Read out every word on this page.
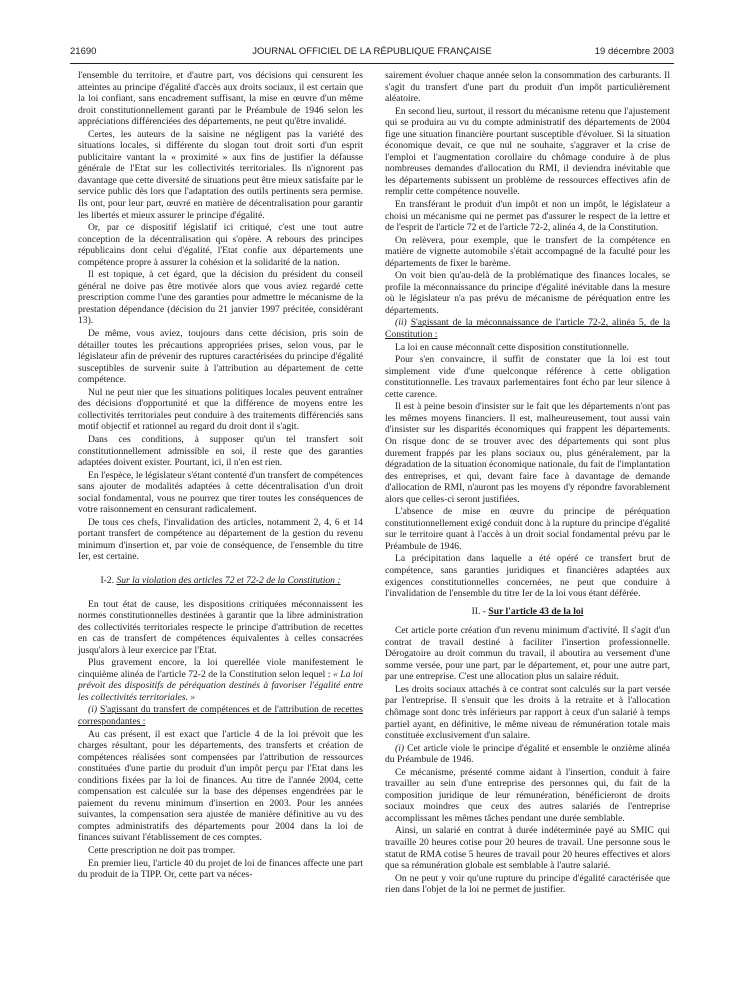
21690	JOURNAL OFFICIEL DE LA RÉPUBLIQUE FRANÇAISE	19 décembre 2003

l'ensemble du territoire, et d'autre part, vos décisions qui censurent les atteintes au principe d'égalité d'accès aux droits sociaux, il est certain que la loi confiant, sans encadrement suffisant, la mise en œuvre d'un même droit constitutionnellement garanti par le Préambule de 1946 selon les appréciations différenciées des départements, ne peut qu'être invalidé.

Certes, les auteurs de la saisine ne négligent pas la variété des situations locales, si différente du slogan tout droit sorti d'un esprit publicitaire vantant la « proximité » aux fins de justifier la défausse générale de l'Etat sur les collectivités territoriales. Ils n'ignorent pas davantage que cette diversité de situations peut être mieux satisfaite par le service public dès lors que l'adaptation des outils pertinents sera permise. Ils ont, pour leur part, œuvré en matière de décentralisation pour garantir les libertés et mieux assurer le principe d'égalité.

Or, par ce dispositif législatif ici critiqué, c'est une tout autre conception de la décentralisation qui s'opère. A rebours des principes républicains dont celui d'égalité, l'Etat confie aux départements une compétence propre à assurer la cohésion et la solidarité de la nation.

Il est topique, à cet égard, que la décision du président du conseil général ne doive pas être motivée alors que vous aviez regardé cette prescription comme l'une des garanties pour admettre le mécanisme de la prestation dépendance (décision du 21 janvier 1997 précitée, considérant 13).

De même, vous aviez, toujours dans cette décision, pris soin de détailler toutes les précautions appropriées prises, selon vous, par le législateur afin de prévenir des ruptures caractérisées du principe d'égalité susceptibles de survenir suite à l'attribution au département de cette compétence.

Nul ne peut nier que les situations politiques locales peuvent entraîner des décisions d'opportunité et que la différence de moyens entre les collectivités territoriales peut conduire à des traitements différenciés sans motif objectif et rationnel au regard du droit dont il s'agit.

Dans ces conditions, à supposer qu'un tel transfert soit constitutionnellement admissible en soi, il reste que des garanties adaptées doivent exister. Pourtant, ici, il n'en est rien.

En l'espèce, le législateur s'étant contenté d'un transfert de compétences sans ajouter de modalités adaptées à cette décentralisation d'un droit social fondamental, vous ne pourrez que tirer toutes les conséquences de votre raisonnement en censurant radicalement.

De tous ces chefs, l'invalidation des articles, notamment 2, 4, 6 et 14 portant transfert de compétence au département de la gestion du revenu minimum d'insertion et, par voie de conséquence, de l'ensemble du titre Ier, est certaine.

I-2. Sur la violation des articles 72 et 72-2 de la Constitution :

En tout état de cause, les dispositions critiquées méconnaissent les normes constitutionnelles destinées à garantir que la libre administration des collectivités territoriales respecte le principe d'attribution de recettes en cas de transfert de compétences équivalentes à celles consacrées jusqu'alors à leur exercice par l'Etat.

Plus gravement encore, la loi querellée viole manifestement le cinquième alinéa de l'article 72-2 de la Constitution selon lequel : « La loi prévoit des dispositifs de péréquation destinés à favoriser l'égalité entre les collectivités territoriales. »

(i) S'agissant du transfert de compétences et de l'attribution de recettes correspondantes :

Au cas présent, il est exact que l'article 4 de la loi prévoit que les charges résultant, pour les départements, des transferts et création de compétences réalisées sont compensées par l'attribution de ressources constituées d'une partie du produit d'un impôt perçu par l'Etat dans les conditions fixées par la loi de finances. Au titre de l'année 2004, cette compensation est calculée sur la base des dépenses engendrées par le paiement du revenu minimum d'insertion en 2003. Pour les années suivantes, la compensation sera ajustée de manière définitive au vu des comptes administratifs des départements pour 2004 dans la loi de finances suivant l'établissement de ces comptes.

Cette prescription ne doit pas tromper.

En premier lieu, l'article 40 du projet de loi de finances affecte une part du produit de la TIPP. Or, cette part va néces-

sairement évoluer chaque année selon la consommation des carburants. Il s'agit du transfert d'une part du produit d'un impôt particulièrement aléatoire.

En second lieu, surtout, il ressort du mécanisme retenu que l'ajustement qui se produira au vu du compte administratif des départements de 2004 fige une situation financière pourtant susceptible d'évoluer. Si la situation économique devait, ce que nul ne souhaite, s'aggraver et la crise de l'emploi et l'augmentation corollaire du chômage conduire à de plus nombreuses demandes d'allocation du RMI, il deviendra inévitable que les départements subissent un problème de ressources effectives afin de remplir cette compétence nouvelle.

En transférant le produit d'un impôt et non un impôt, le législateur a choisi un mécanisme qui ne permet pas d'assurer le respect de la lettre et de l'esprit de l'article 72 et de l'article 72-2, alinéa 4, de la Constitution.

On relèvera, pour exemple, que le transfert de la compétence en matière de vignette automobile s'était accompagné de la faculté pour les départements de fixer le barème.

On voit bien qu'au-delà de la problématique des finances locales, se profile la méconnaissance du principe d'égalité inévitable dans la mesure où le législateur n'a pas prévu de mécanisme de péréquation entre les départements.

(ii) S'agissant de la méconnaissance de l'article 72-2, alinéa 5, de la Constitution :

La loi en cause méconnaît cette disposition constitutionnelle.

Pour s'en convaincre, il suffit de constater que la loi est tout simplement vide d'une quelconque référence à cette obligation constitutionnelle. Les travaux parlementaires font écho par leur silence à cette carence.

Il est à peine besoin d'insister sur le fait que les départements n'ont pas les mêmes moyens financiers. Il est, malheureusement, tout aussi vain d'insister sur les disparités économiques qui frappent les départements. On risque donc de se trouver avec des départements qui sont plus durement frappés par les plans sociaux ou, plus généralement, par la dégradation de la situation économique nationale, du fait de l'implantation des entreprises, et qui, devant faire face à davantage de demande d'allocation de RMI, n'auront pas les moyens d'y répondre favorablement alors que celles-ci seront justifiées.

L'absence de mise en œuvre du principe de péréquation constitutionnellement exigé conduit donc à la rupture du principe d'égalité sur le territoire quant à l'accès à un droit social fondamental prévu par le Préambule de 1946.

La précipitation dans laquelle a été opéré ce transfert brut de compétence, sans garanties juridiques et financières adaptées aux exigences constitutionnelles concernées, ne peut que conduire à l'invalidation de l'ensemble du titre Ier de la loi vous étant déférée.

II. - Sur l'article 43 de la loi

Cet article porte création d'un revenu minimum d'activité. Il s'agit d'un contrat de travail destiné à faciliter l'insertion professionnelle. Dérogatoire au droit commun du travail, il aboutira au versement d'une somme versée, pour une part, par le département, et, pour une autre part, par une entreprise. C'est une allocation plus un salaire réduit.

Les droits sociaux attachés à ce contrat sont calculés sur la part versée par l'entreprise. Il s'ensuit que les droits à la retraite et à l'allocation chômage sont donc très inférieurs par rapport à ceux d'un salarié à temps partiel ayant, en définitive, le même niveau de rémunération totale mais constituée exclusivement d'un salaire.

(i) Cet article viole le principe d'égalité et ensemble le onzième alinéa du Préambule de 1946.

Ce mécanisme, présenté comme aidant à l'insertion, conduit à faire travailler au sein d'une entreprise des personnes qui, du fait de la composition juridique de leur rémunération, bénéficieront de droits sociaux moindres que ceux des autres salariés de l'entreprise accomplissant les mêmes tâches pendant une durée semblable.

Ainsi, un salarié en contrat à durée indéterminée payé au SMIC qui travaille 20 heures cotise pour 20 heures de travail. Une personne sous le statut de RMA cotise 5 heures de travail pour 20 heures effectives et alors que sa rémunération globale est semblable à l'autre salarié.

On ne peut y voir qu'une rupture du principe d'égalité caractérisée que rien dans l'objet de la loi ne permet de justifier.
